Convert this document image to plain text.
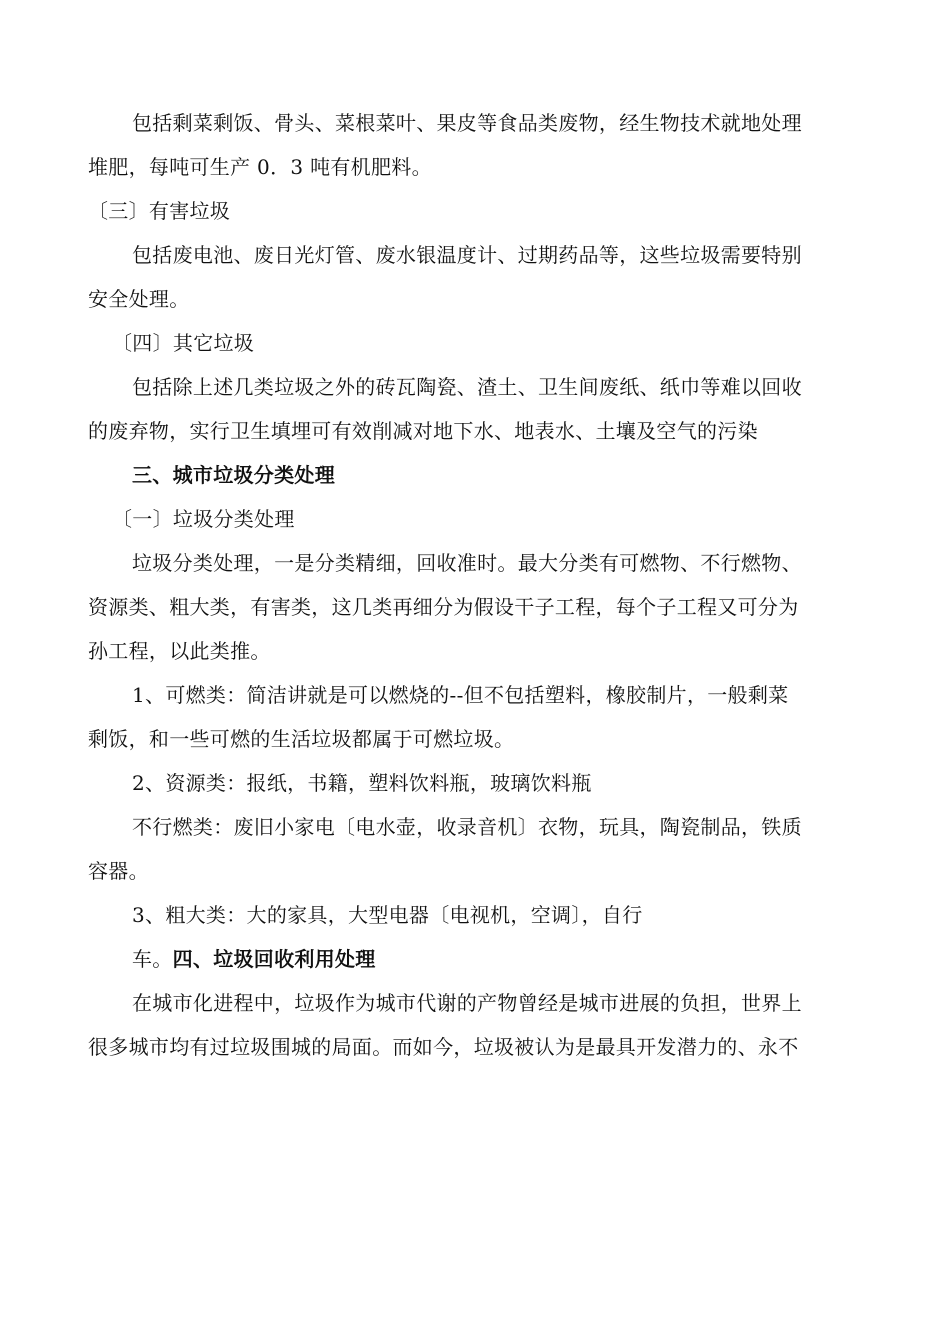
包括剩菜剩饭、骨头、菜根菜叶、果皮等食品类废物，经生物技术就地处理
堆肥，每吨可生产 0．3 吨有机肥料。
〔三〕有害垃圾
包括废电池、废日光灯管、废水银温度计、过期药品等，这些垃圾需要特别
安全处理。
〔四〕其它垃圾
包括除上述几类垃圾之外的砖瓦陶瓷、渣土、卫生间废纸、纸巾等难以回收
的废弃物，实行卫生填埋可有效削减对地下水、地表水、土壤及空气的污染
三、城市垃圾分类处理
〔一〕垃圾分类处理
垃圾分类处理，一是分类精细，回收准时。最大分类有可燃物、不行燃物、
资源类、粗大类，有害类，这几类再细分为假设干子工程，每个子工程又可分为
孙工程，以此类推。
1、可燃类：简洁讲就是可以燃烧的--但不包括塑料，橡胶制片，一般剩菜
剩饭，和一些可燃的生活垃圾都属于可燃垃圾。
2、资源类：报纸，书籍，塑料饮料瓶，玻璃饮料瓶
不行燃类：废旧小家电〔电水壶，收录音机〕衣物，玩具，陶瓷制品，铁质
容器。
3、粗大类：大的家具，大型电器〔电视机，空调〕，自行
车。四、垃圾回收利用处理
在城市化进程中，垃圾作为城市代谢的产物曾经是城市进展的负担，世界上
很多城市均有过垃圾围城的局面。而如今，垃圾被认为是最具开发潜力的、永不
